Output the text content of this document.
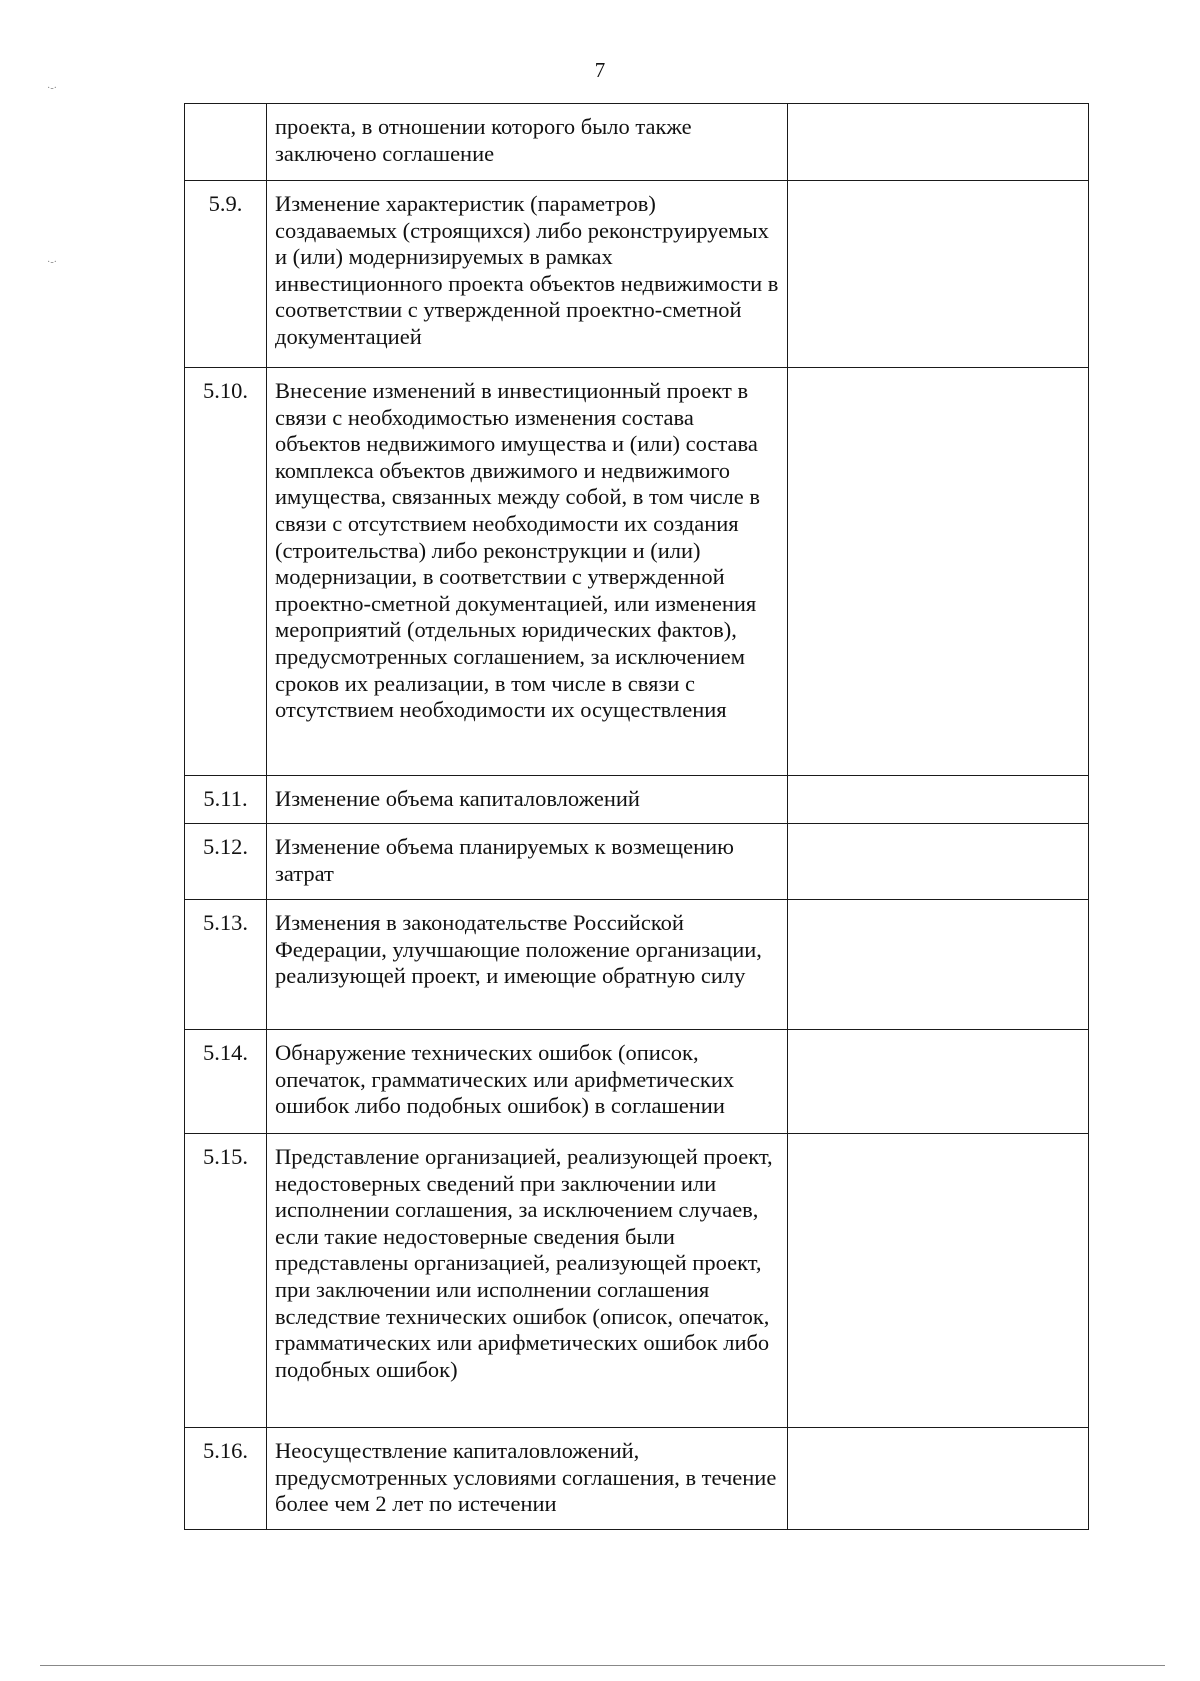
7
·-·
·-·
	проекта, в отношении которого было также заключено соглашение	
5.9.	Изменение характеристик (параметров) создаваемых (строящихся) либо реконструируемых и (или) модернизируемых в рамках инвестиционного проекта объектов недвижимости в соответствии с утвержденной проектно-сметной документацией	
5.10.	Внесение изменений в инвестиционный проект в связи с необходимостью изменения состава объектов недвижимого имущества и (или) состава комплекса объектов движимого и недвижимого имущества, связанных между собой, в том числе в связи с отсутствием необходимости их создания (строительства) либо реконструкции и (или) модернизации, в соответствии с утвержденной проектно-сметной документацией, или изменения мероприятий (отдельных юридических фактов), предусмотренных соглашением, за исключением сроков их реализации, в том числе в связи с отсутствием необходимости их осуществления	
5.11.	Изменение объема капиталовложений	
5.12.	Изменение объема планируемых к возмещению затрат	
5.13.	Изменения в законодательстве Российской Федерации, улучшающие положение организации, реализующей проект, и имеющие обратную силу	
5.14.	Обнаружение технических ошибок (описок, опечаток, грамматических или арифметических ошибок либо подобных ошибок) в соглашении	
5.15.	Представление организацией, реализующей проект, недостоверных сведений при заключении или исполнении соглашения, за исключением случаев, если такие недостоверные сведения были представлены организацией, реализующей проект, при заключении или исполнении соглашения вследствие технических ошибок (описок, опечаток, грамматических или арифметических ошибок либо подобных ошибок)	
5.16.	Неосуществление капиталовложений, предусмотренных условиями соглашения, в течение более чем 2 лет по истечении	
